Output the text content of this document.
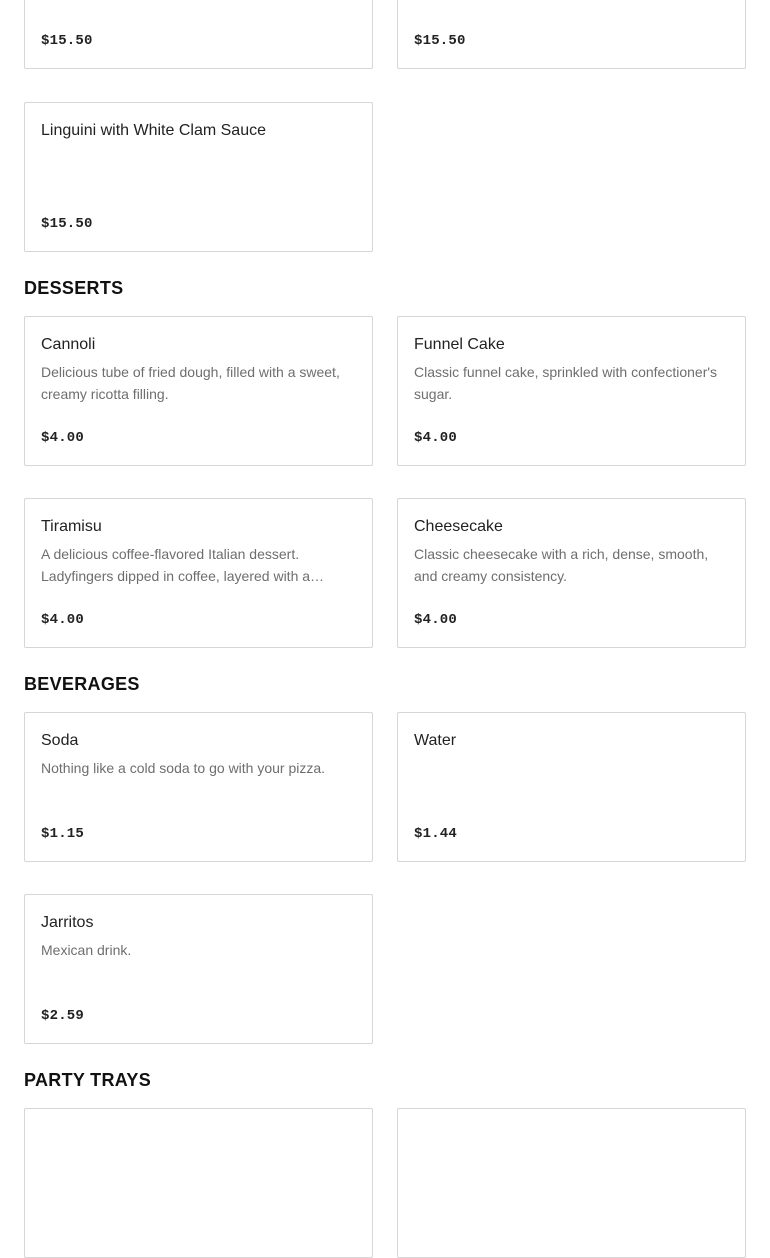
$15.50	$15.50
Linguini with White Clam Sauce
$15.50
DESSERTS
Cannoli
Delicious tube of fried dough, filled with a sweet, creamy ricotta filling.
$4.00
Funnel Cake
Classic funnel cake, sprinkled with confectioner's sugar.
$4.00
Tiramisu
A delicious coffee-flavored Italian dessert. Ladyfingers dipped in coffee, layered with a
$4.00
Cheesecake
Classic cheesecake with a rich, dense, smooth, and creamy consistency.
$4.00
BEVERAGES
Soda
Nothing like a cold soda to go with your pizza.
$1.15
Water
$1.44
Jarritos
Mexican drink.
$2.59
PARTY TRAYS
